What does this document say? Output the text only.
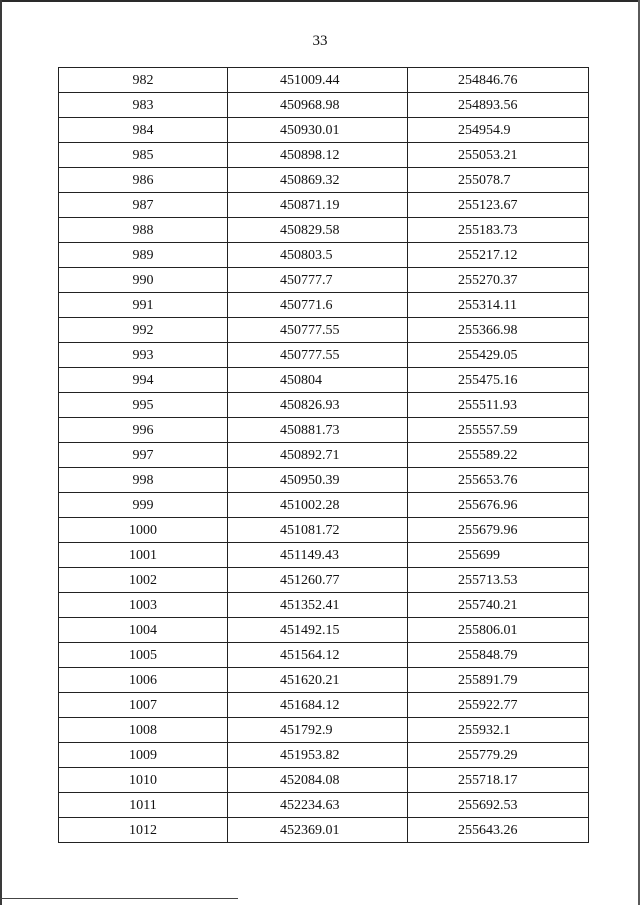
33
982	451009.44	254846.76
983	450968.98	254893.56
984	450930.01	254954.9
985	450898.12	255053.21
986	450869.32	255078.7
987	450871.19	255123.67
988	450829.58	255183.73
989	450803.5	255217.12
990	450777.7	255270.37
991	450771.6	255314.11
992	450777.55	255366.98
993	450777.55	255429.05
994	450804	255475.16
995	450826.93	255511.93
996	450881.73	255557.59
997	450892.71	255589.22
998	450950.39	255653.76
999	451002.28	255676.96
1000	451081.72	255679.96
1001	451149.43	255699
1002	451260.77	255713.53
1003	451352.41	255740.21
1004	451492.15	255806.01
1005	451564.12	255848.79
1006	451620.21	255891.79
1007	451684.12	255922.77
1008	451792.9	255932.1
1009	451953.82	255779.29
1010	452084.08	255718.17
1011	452234.63	255692.53
1012	452369.01	255643.26
